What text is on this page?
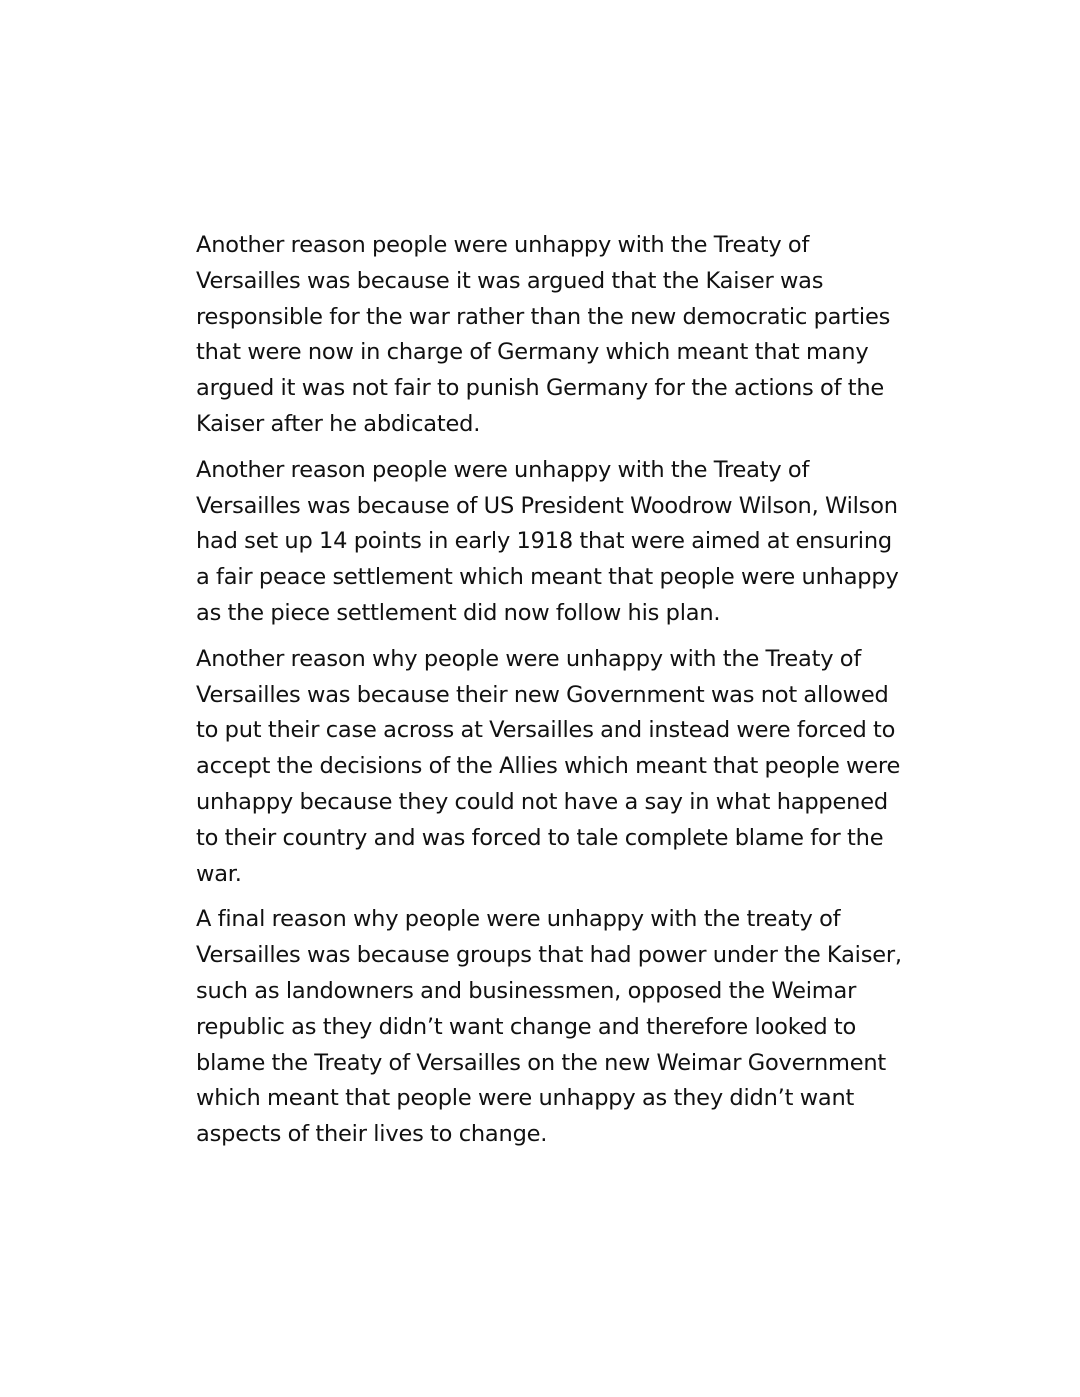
Another reason people were unhappy with the Treaty of Versailles was because it was argued that the Kaiser was responsible for the war rather than the new democratic parties that were now in charge of Germany which meant that many argued it was not fair to punish Germany for the actions of the Kaiser after he abdicated.

Another reason people were unhappy with the Treaty of Versailles was because of US President Woodrow Wilson, Wilson had set up 14 points in early 1918 that were aimed at ensuring a fair peace settlement which meant that people were unhappy as the piece settlement did now follow his plan.

Another reason why people were unhappy with the Treaty of Versailles was because their new Government was not allowed to put their case across at Versailles and instead were forced to accept the decisions of the Allies which meant that people were unhappy because they could not have a say in what happened to their country and was forced to tale complete blame for the war.

A final reason why people were unhappy with the treaty of Versailles was because groups that had power under the Kaiser, such as landowners and businessmen, opposed the Weimar republic as they didn’t want change and therefore looked to blame the Treaty of Versailles on the new Weimar Government which meant that people were unhappy as they didn’t want aspects of their lives to change.
